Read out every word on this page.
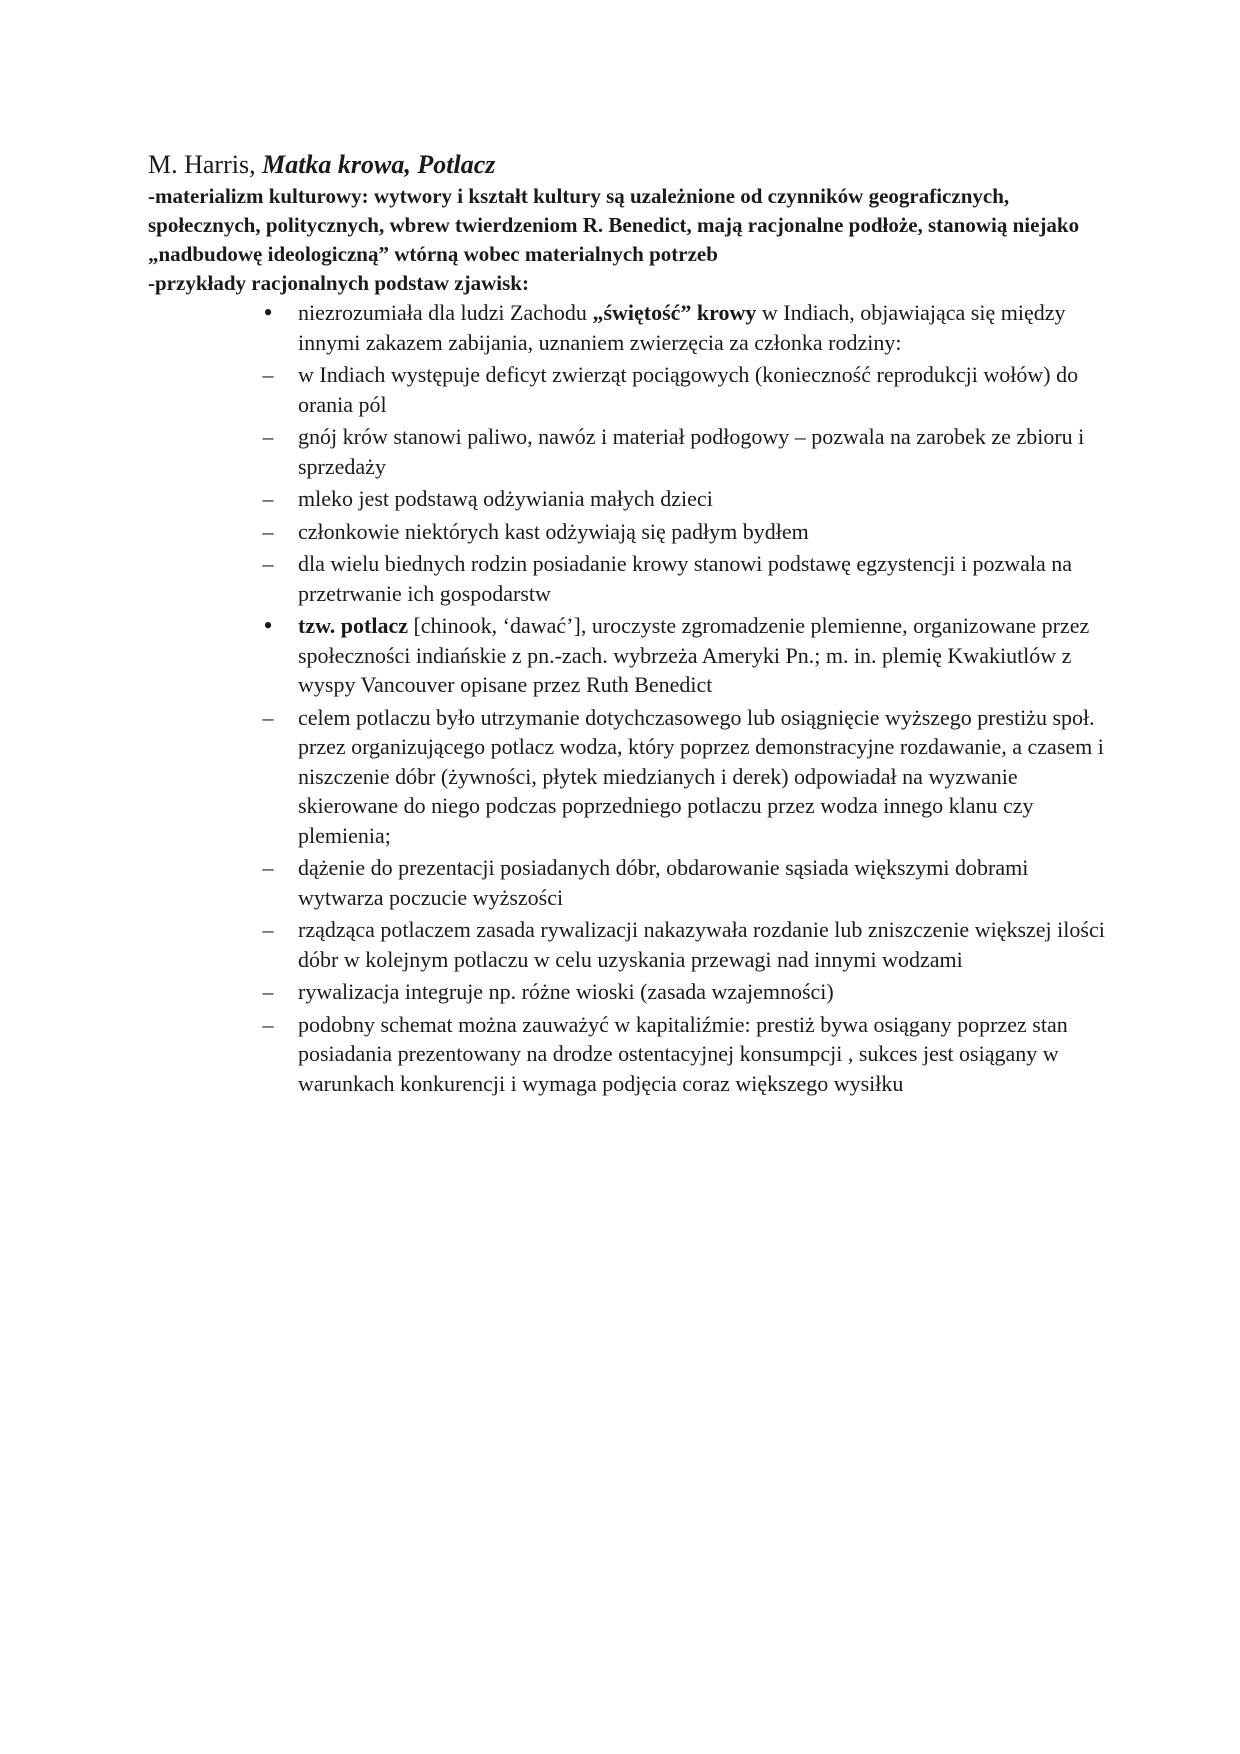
M. Harris, Matka krowa, Potlacz

-materializm kulturowy: wytwory i kształt kultury są uzależnione od czynników geograficznych, społecznych, politycznych, wbrew twierdzeniom R. Benedict, mają racjonalne podłoże, stanowią niejako „nadbudowę ideologiczną” wtórną wobec materialnych potrzeb

-przykłady racjonalnych podstaw zjawisk:

• niezrozumiała dla ludzi Zachodu „świętość” krowy w Indiach, objawiająca się między innymi zakazem zabijania, uznaniem zwierzęcia za członka rodziny:
– w Indiach występuje deficyt zwierząt pociągowych (konieczność reprodukcji wołów) do orania pól
– gnój krów stanowi paliwo, nawóz i materiał podłogowy – pozwala na zarobek ze zbioru i sprzedaży
– mleko jest podstawą odżywiania małych dzieci
– członkowie niektórych kast odżywiają się padłym bydłem
– dla wielu biednych rodzin posiadanie krowy stanowi podstawę egzystencji i pozwala na przetrwanie ich gospodarstw
• tzw. potlacz [chinook, ‘dawać’], uroczyste zgromadzenie plemienne, organizowane przez społeczności indiańskie z pn.-zach. wybrzeża Ameryki Pn.; m. in. plemię Kwakiutlów z wyspy Vancouver opisane przez Ruth Benedict
– celem potlaczu było utrzymanie dotychczasowego lub osiągnięcie wyższego prestiżu społ. przez organizującego potlacz wodza, który poprzez demonstracyjne rozdawanie, a czasem i niszczenie dóbr (żywności, płytek miedzianych i derek) odpowiadał na wyzwanie skierowane do niego podczas poprzedniego potlaczu przez wodza innego klanu czy plemienia;
– dążenie do prezentacji posiadanych dóbr, obdarowanie sąsiada większymi dobrami wytwarza poczucie wyższości
– rządząca potlaczem zasada rywalizacji nakazywała rozdanie lub zniszczenie większej ilości dóbr w kolejnym potlaczu w celu uzyskania przewagi nad innymi wodzami
– rywalizacja integruje np. różne wioski (zasada wzajemności)
– podobny schemat można zauważyć w kapitaliźmie: prestiż bywa osiągany poprzez stan posiadania prezentowany na drodze ostentacyjnej konsumpcji , sukces jest osiągany w warunkach konkurencji i wymaga podjęcia coraz większego wysiłku
